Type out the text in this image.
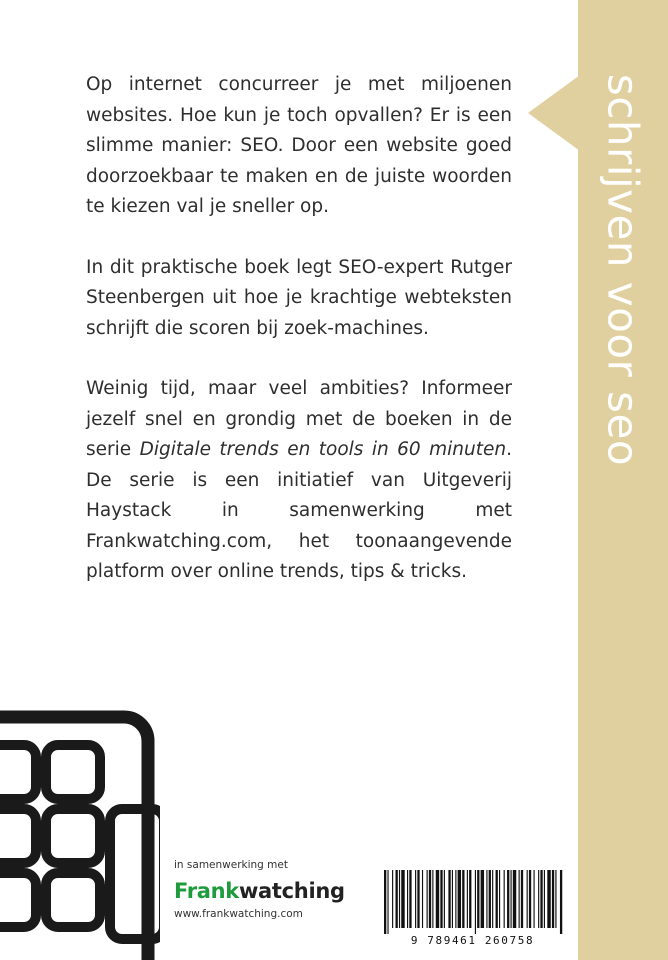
schrijven voor seo

Op internet concurreer je met miljoenen websites. Hoe kun je toch opvallen? Er is een slimme manier: SEO. Door een website goed doorzoekbaar te maken en de juiste woorden te kiezen val je sneller op.

In dit praktische boek legt SEO-expert Rutger Steenbergen uit hoe je krachtige webteksten schrijft die scoren bij zoek-machines.

Weinig tijd, maar veel ambities? Informeer jezelf snel en grondig met de boeken in de serie Digitale trends en tools in 60 minuten. De serie is een initiatief van Uitgeverij Haystack in samenwerking met Frankwatching.com, het toonaangevende platform over online trends, tips & tricks.

in samenwerking met
Frankwatching
www.frankwatching.com
9 789461 260758
